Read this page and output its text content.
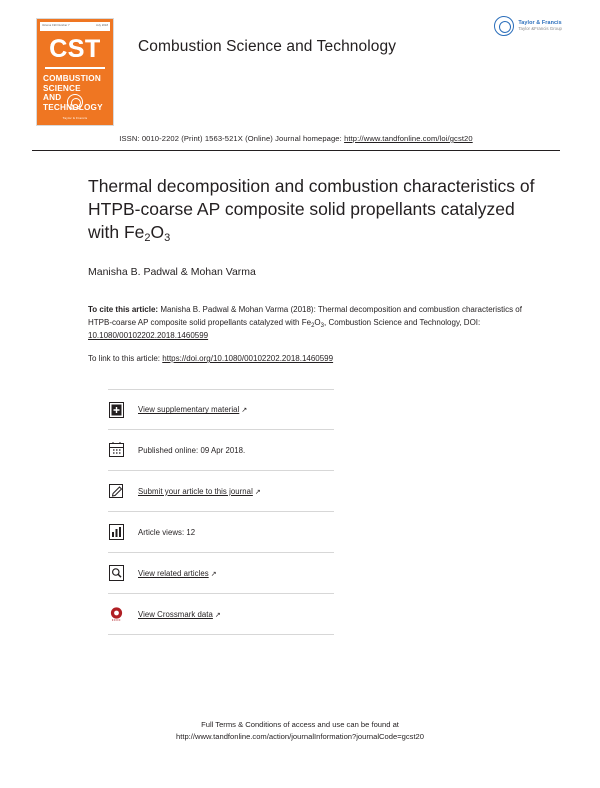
Volume 190 Number 7	July 2018
CST
COMBUSTION
SCIENCE
AND
TECHNOLOGY
Taylor & Francis
Combustion Science and Technology
Taylor & Francis
Taylor &Francis Group
ISSN: 0010-2202 (Print) 1563-521X (Online) Journal homepage: http://www.tandfonline.com/loi/gcst20
Thermal decomposition and combustion characteristics of HTPB-coarse AP composite solid propellants catalyzed with $Fe_2O_3$
Manisha B. Padwal & Mohan Varma
To cite this article: Manisha B. Padwal & Mohan Varma (2018): Thermal decomposition and combustion characteristics of HTPB-coarse AP composite solid propellants catalyzed with $Fe_2O_3$, Combustion Science and Technology, DOI: 10.1080/00102202.2018.1460599
To link to this article: https://doi.org/10.1080/00102202.2018.1460599
View supplementary material ↗
Published online: 09 Apr 2018.
Submit your article to this journal ↗
Article views: 12
View related articles ↗
View Crossmark data ↗
Full Terms & Conditions of access and use can be found at
http://www.tandfonline.com/action/journalInformation?journalCode=gcst20
